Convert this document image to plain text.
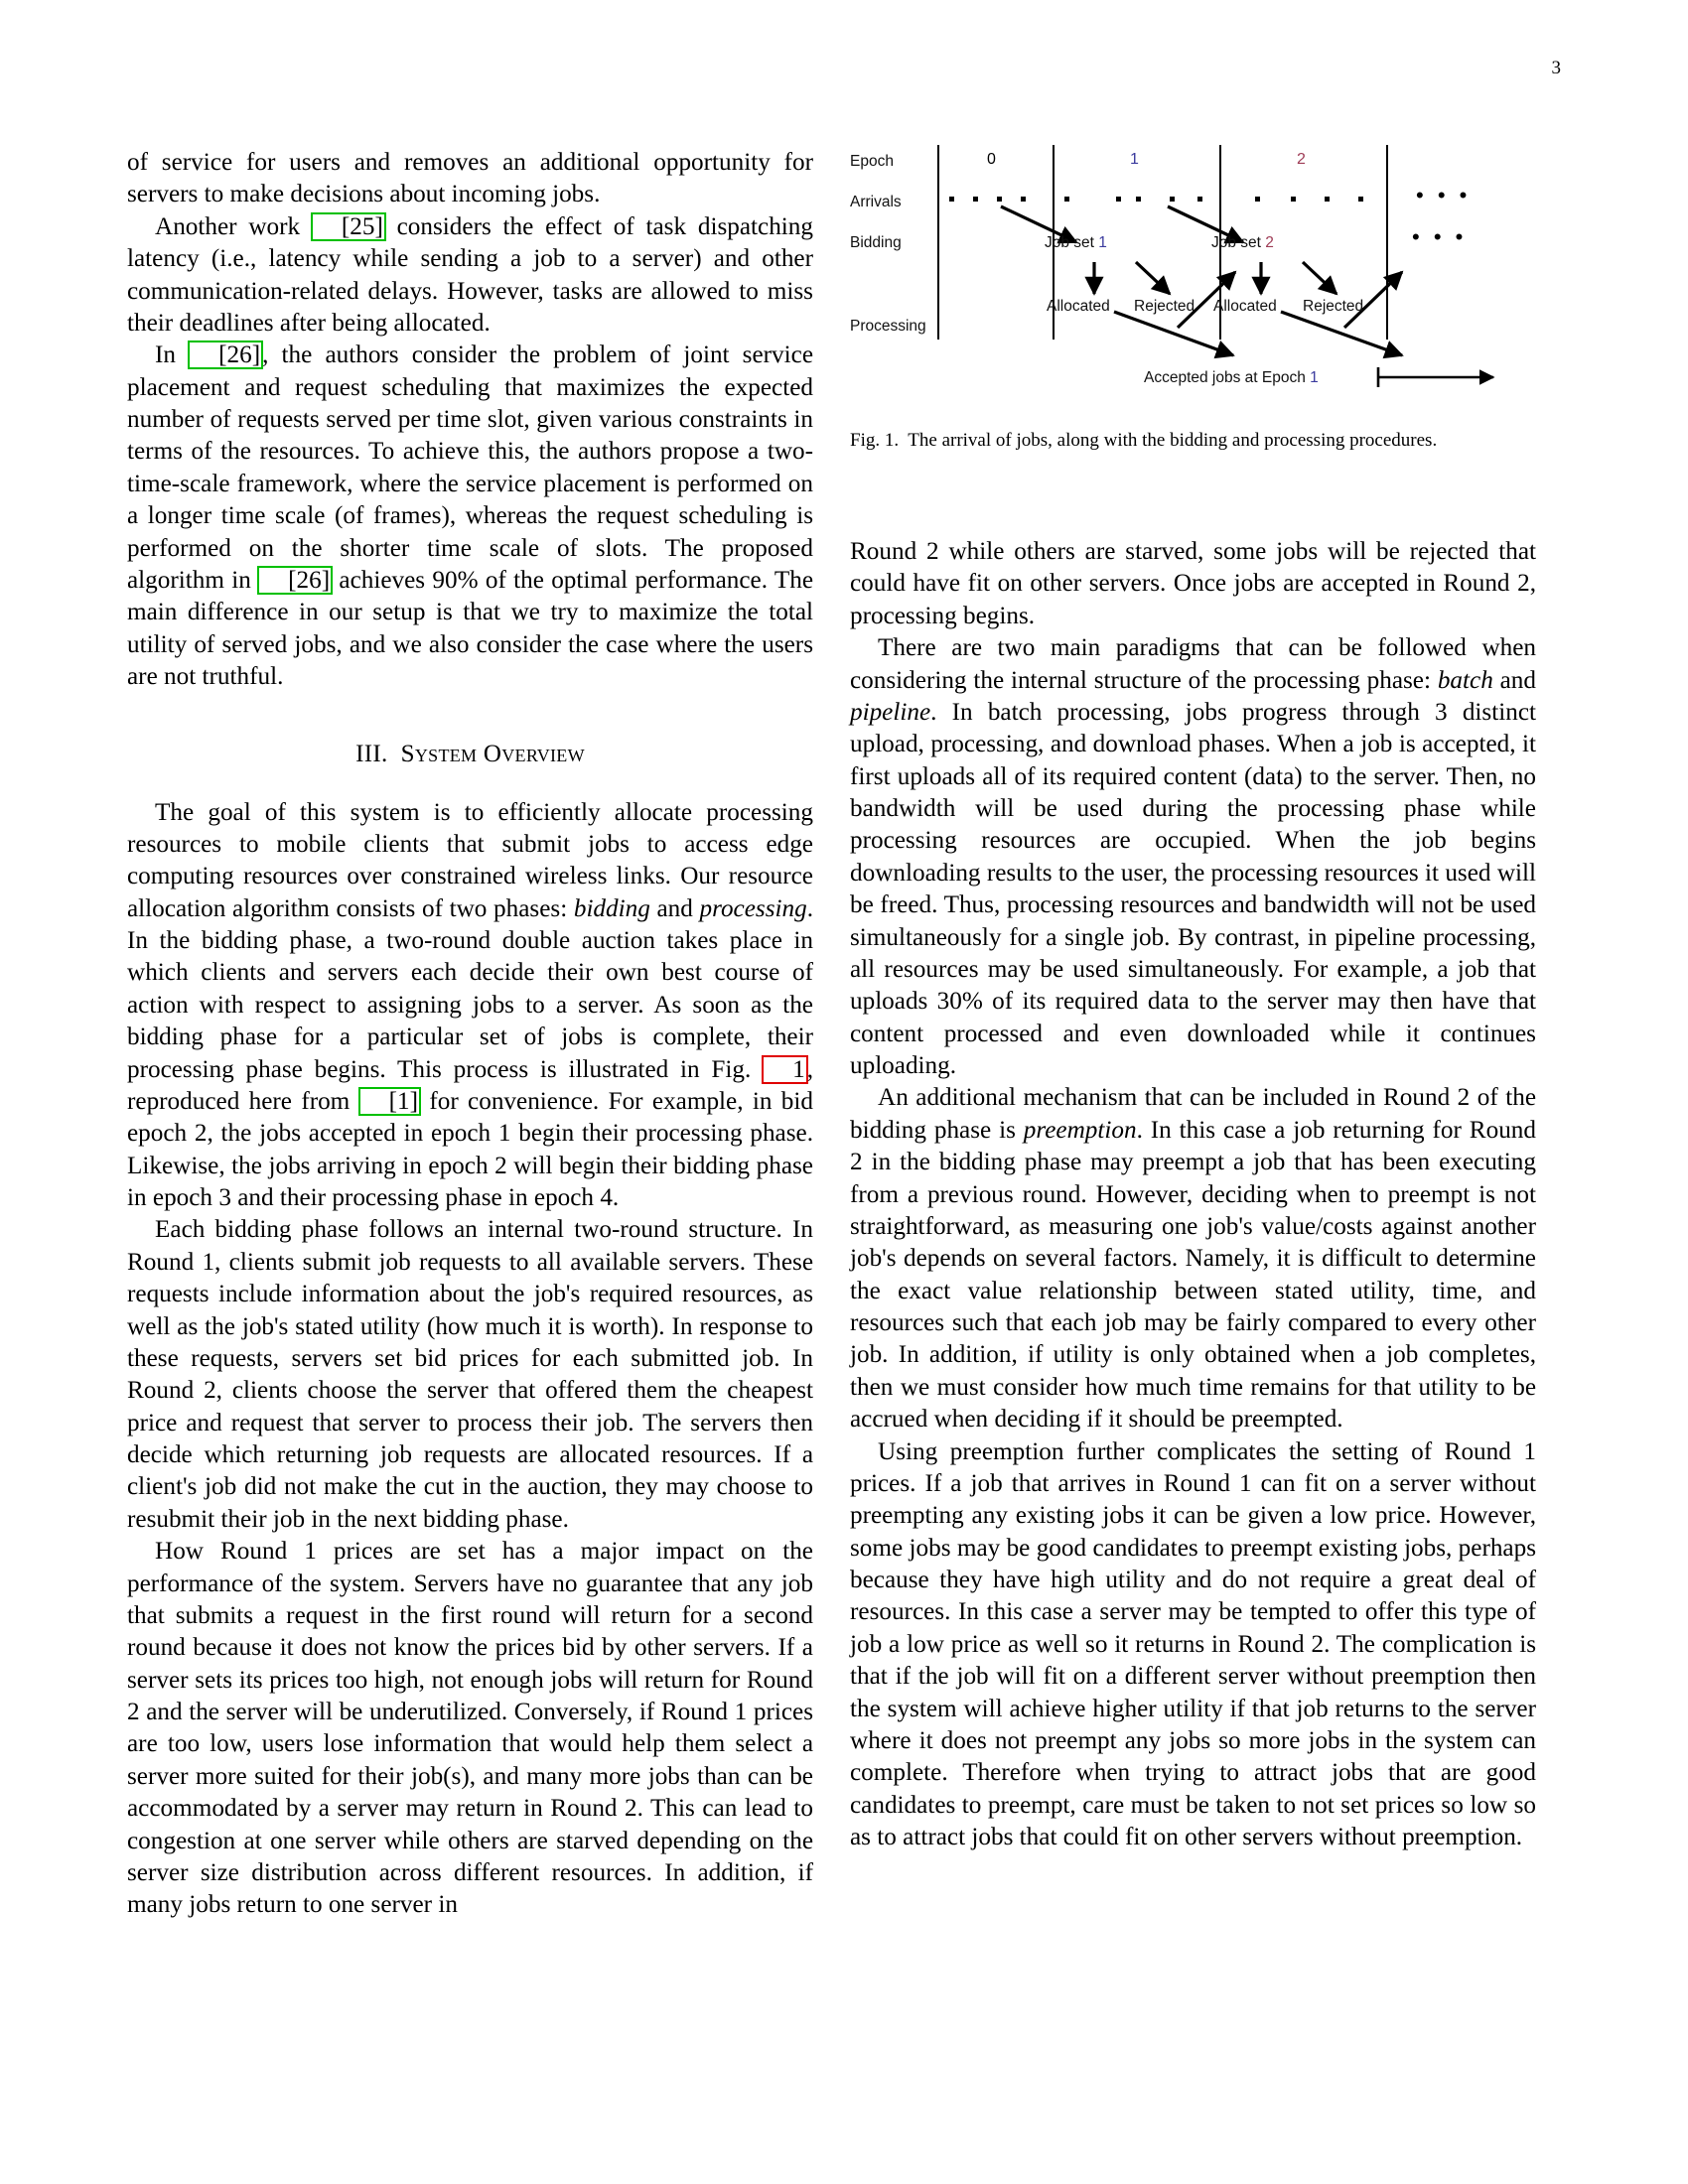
3

of service for users and removes an additional opportunity for servers to make decisions about incoming jobs.

Another work [25] considers the effect of task dispatching latency (i.e., latency while sending a job to a server) and other communication-related delays. However, tasks are allowed to miss their deadlines after being allocated.

In [26], the authors consider the problem of joint service placement and request scheduling that maximizes the expected number of requests served per time slot, given various constraints in terms of the resources. To achieve this, the authors propose a two-time-scale framework, where the service placement is performed on a longer time scale (of frames), whereas the request scheduling is performed on the shorter time scale of slots. The proposed algorithm in [26] achieves 90% of the optimal performance. The main difference in our setup is that we try to maximize the total utility of served jobs, and we also consider the case where the users are not truthful.

III. System Overview

The goal of this system is to efficiently allocate processing resources to mobile clients that submit jobs to access edge computing resources over constrained wireless links. Our resource allocation algorithm consists of two phases: bidding and processing. In the bidding phase, a two-round double auction takes place in which clients and servers each decide their own best course of action with respect to assigning jobs to a server. As soon as the bidding phase for a particular set of jobs is complete, their processing phase begins. This process is illustrated in Fig. 1, reproduced here from [1] for convenience. For example, in bid epoch 2, the jobs accepted in epoch 1 begin their processing phase. Likewise, the jobs arriving in epoch 2 will begin their bidding phase in epoch 3 and their processing phase in epoch 4.

Each bidding phase follows an internal two-round structure. In Round 1, clients submit job requests to all available servers. These requests include information about the job's required resources, as well as the job's stated utility (how much it is worth). In response to these requests, servers set bid prices for each submitted job. In Round 2, clients choose the server that offered them the cheapest price and request that server to process their job. The servers then decide which returning job requests are allocated resources. If a client's job did not make the cut in the auction, they may choose to resubmit their job in the next bidding phase.

How Round 1 prices are set has a major impact on the performance of the system. Servers have no guarantee that any job that submits a request in the first round will return for a second round because it does not know the prices bid by other servers. If a server sets its prices too high, not enough jobs will return for Round 2 and the server will be underutilized. Conversely, if Round 1 prices are too low, users lose information that would help them select a server more suited for their job(s), and many more jobs than can be accommodated by a server may return in Round 2. This can lead to congestion at one server while others are starved depending on the server size distribution across different resources. In addition, if many jobs return to one server in

Epoch
Arrivals
Bidding
Processing
0	1	2
Job set 1	Job set 2
Allocated Rejected Allocated Rejected
Accepted jobs at Epoch 1
• • •
• • •
Fig. 1. The arrival of jobs, along with the bidding and processing procedures.

Round 2 while others are starved, some jobs will be rejected that could have fit on other servers. Once jobs are accepted in Round 2, processing begins.

There are two main paradigms that can be followed when considering the internal structure of the processing phase: batch and pipeline. In batch processing, jobs progress through 3 distinct upload, processing, and download phases. When a job is accepted, it first uploads all of its required content (data) to the server. Then, no bandwidth will be used during the processing phase while processing resources are occupied. When the job begins downloading results to the user, the processing resources it used will be freed. Thus, processing resources and bandwidth will not be used simultaneously for a single job. By contrast, in pipeline processing, all resources may be used simultaneously. For example, a job that uploads 30% of its required data to the server may then have that content processed and even downloaded while it continues uploading.

An additional mechanism that can be included in Round 2 of the bidding phase is preemption. In this case a job returning for Round 2 in the bidding phase may preempt a job that has been executing from a previous round. However, deciding when to preempt is not straightforward, as measuring one job's value/costs against another job's depends on several factors. Namely, it is difficult to determine the exact value relationship between stated utility, time, and resources such that each job may be fairly compared to every other job. In addition, if utility is only obtained when a job completes, then we must consider how much time remains for that utility to be accrued when deciding if it should be preempted.

Using preemption further complicates the setting of Round 1 prices. If a job that arrives in Round 1 can fit on a server without preempting any existing jobs it can be given a low price. However, some jobs may be good candidates to preempt existing jobs, perhaps because they have high utility and do not require a great deal of resources. In this case a server may be tempted to offer this type of job a low price as well so it returns in Round 2. The complication is that if the job will fit on a different server without preemption then the system will achieve higher utility if that job returns to the server where it does not preempt any jobs so more jobs in the system can complete. Therefore when trying to attract jobs that are good candidates to preempt, care must be taken to not set prices so low so as to attract jobs that could fit on other servers without preemption.
